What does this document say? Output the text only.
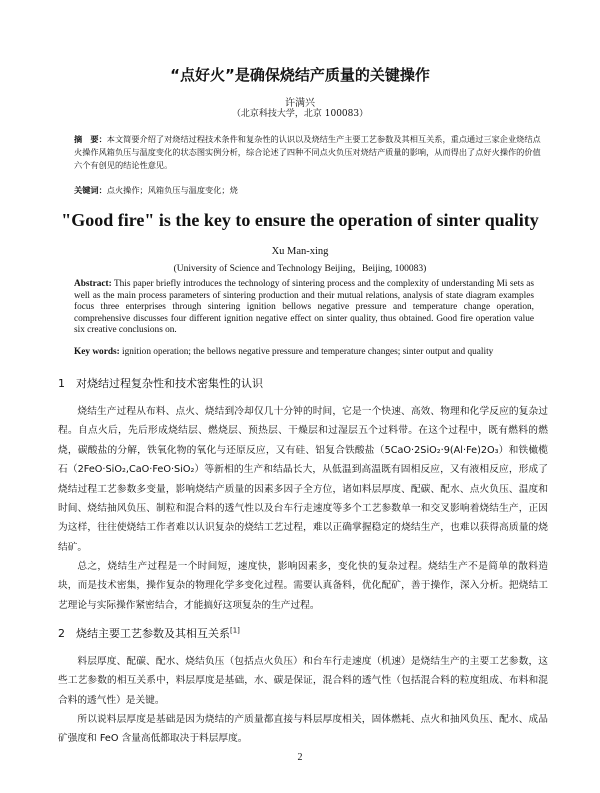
“点好火”是确保烧结产质量的关键操作
许满兴
（北京科技大学，北京 100083）
摘　要：本文简要介绍了对烧结过程技术条件和复杂性的认识以及烧结生产主要工艺参数及其相互关系，重点通过三家企业烧结点火操作风箱负压与温度变化的状态图实例分析，综合论述了四种不同点火负压对烧结产质量的影响，从而得出了点好火操作的价值六个有创见的结论性意见。
关键词：点火操作；风箱负压与温度变化；烧
"Good fire" is the key to ensure the operation of sinter quality
Xu Man-xing
(University of Science and Technology Beijing，Beijing, 100083)
Abstract: This paper briefly introduces the technology of sintering process and the complexity of understanding Mi sets as well as the main process parameters of sintering production and their mutual relations, analysis of state diagram examples focus three enterprises through sintering ignition bellows negative pressure and temperature change operation, comprehensive discusses four different ignition negative effect on sinter quality, thus obtained. Good fire operation value six creative conclusions on.
Key words: ignition operation; the bellows negative pressure and temperature changes; sinter output and quality
1　对烧结过程复杂性和技术密集性的认识

烧结生产过程从布料、点火、烧结到冷却仅几十分钟的时间，它是一个快速、高效、物理和化学反应的复杂过程。自点火后，先后形成烧结层、燃烧层、预热层、干燥层和过湿层五个过料带。在这个过程中，既有燃料的燃烧，碳酸盐的分解，铁氧化物的氧化与还原反应，又有硅、铝复合铁酸盐（5CaO·2SiO₂·9(Al·Fe)2O₃）和铁橄榄石（2FeO·SiO₂,CaO·FeO·SiO₂）等新相的生产和结晶长大，从低温到高温既有固相反应，又有液相反应，形成了烧结过程工艺参数多变量，影响烧结产质量的因素多因子全方位，诸如料层厚度、配碳、配水、点火负压、温度和时间、烧结抽风负压、制粒和混合料的透气性以及台车行走速度等多个工艺参数单一和交叉影响着烧结生产，正因为这样，往往使烧结工作者难以认识复杂的烧结工艺过程，难以正确掌握稳定的烧结生产，也难以获得高质量的烧结矿。

总之，烧结生产过程是一个时间短，速度快，影响因素多，变化快的复杂过程。烧结生产不是简单的散料造块，而是技术密集，操作复杂的物理化学多变化过程。需要认真备料，优化配矿，善于操作，深入分析。把烧结工艺理论与实际操作紧密结合，才能搞好这项复杂的生产过程。

2　烧结主要工艺参数及其相互关系[1]

料层厚度、配碳、配水、烧结负压（包括点火负压）和台车行走速度（机速）是烧结生产的主要工艺参数，这些工艺参数的相互关系中，料层厚度是基础，水、碳是保证，混合料的透气性（包括混合料的粒度组成、布料和混合料的透气性）是关键。

所以说料层厚度是基础是因为烧结的产质量都直接与料层厚度相关，固体燃耗、点火和抽风负压、配水、成品矿强度和 FeO 含量高低都取决于料层厚度。

2
